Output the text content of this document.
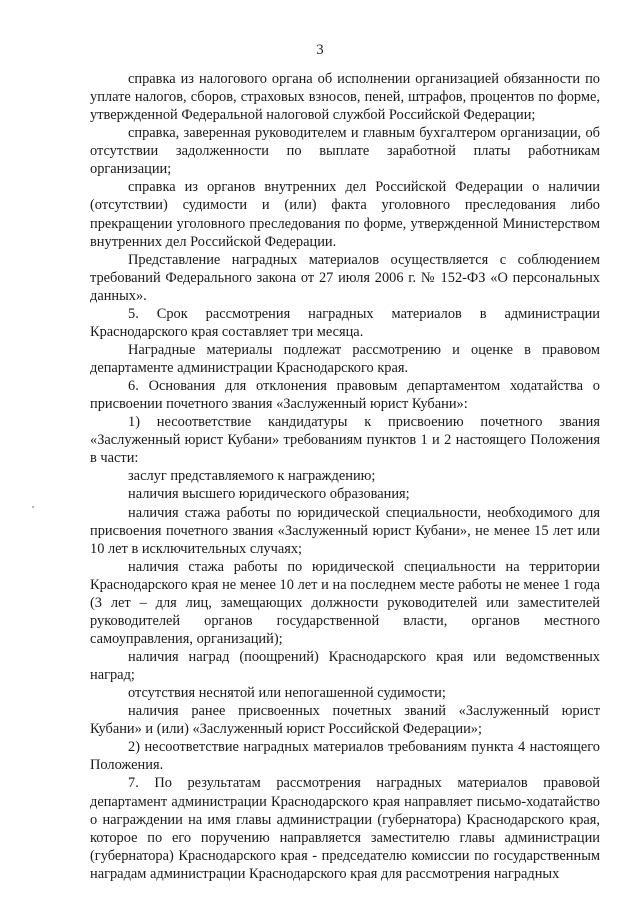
3

справка из налогового органа об исполнении организацией обязанности по уплате налогов, сборов, страховых взносов, пеней, штрафов, процентов по форме, утвержденной Федеральной налоговой службой Российской Федерации;

справка, заверенная руководителем и главным бухгалтером организации, об отсутствии задолженности по выплате заработной платы работникам организации;

справка из органов внутренних дел Российской Федерации о наличии (отсутствии) судимости и (или) факта уголовного преследования либо прекращении уголовного преследования по форме, утвержденной Министерством внутренних дел Российской Федерации.

Представление наградных материалов осуществляется с соблюдением требований Федерального закона от 27 июля 2006 г. № 152-ФЗ «О персональных данных».

5. Срок рассмотрения наградных материалов в администрации Краснодарского края составляет три месяца.

Наградные материалы подлежат рассмотрению и оценке в правовом департаменте администрации Краснодарского края.

6. Основания для отклонения правовым департаментом ходатайства о присвоении почетного звания «Заслуженный юрист Кубани»:

1) несоответствие кандидатуры к присвоению почетного звания «Заслуженный юрист Кубани» требованиям пунктов 1 и 2 настоящего Положения в части:

заслуг представляемого к награждению;

наличия высшего юридического образования;

наличия стажа работы по юридической специальности, необходимого для присвоения почетного звания «Заслуженный юрист Кубани», не менее 15 лет или 10 лет в исключительных случаях;

наличия стажа работы по юридической специальности на территории Краснодарского края не менее 10 лет и на последнем месте работы не менее 1 года (3 лет – для лиц, замещающих должности руководителей или заместителей руководителей органов государственной власти, органов местного самоуправления, организаций);

наличия наград (поощрений) Краснодарского края или ведомственных наград;

отсутствия неснятой или непогашенной судимости;

наличия ранее присвоенных почетных званий «Заслуженный юрист Кубани» и (или) «Заслуженный юрист Российской Федерации»;

2) несоответствие наградных материалов требованиям пункта 4 настоящего Положения.

7. По результатам рассмотрения наградных материалов правовой департамент администрации Краснодарского края направляет письмо-ходатайство о награждении на имя главы администрации (губернатора) Краснодарского края, которое по его поручению направляется заместителю главы администрации (губернатора) Краснодарского края - председателю комиссии по государственным наградам администрации Краснодарского края для рассмотрения наградных
